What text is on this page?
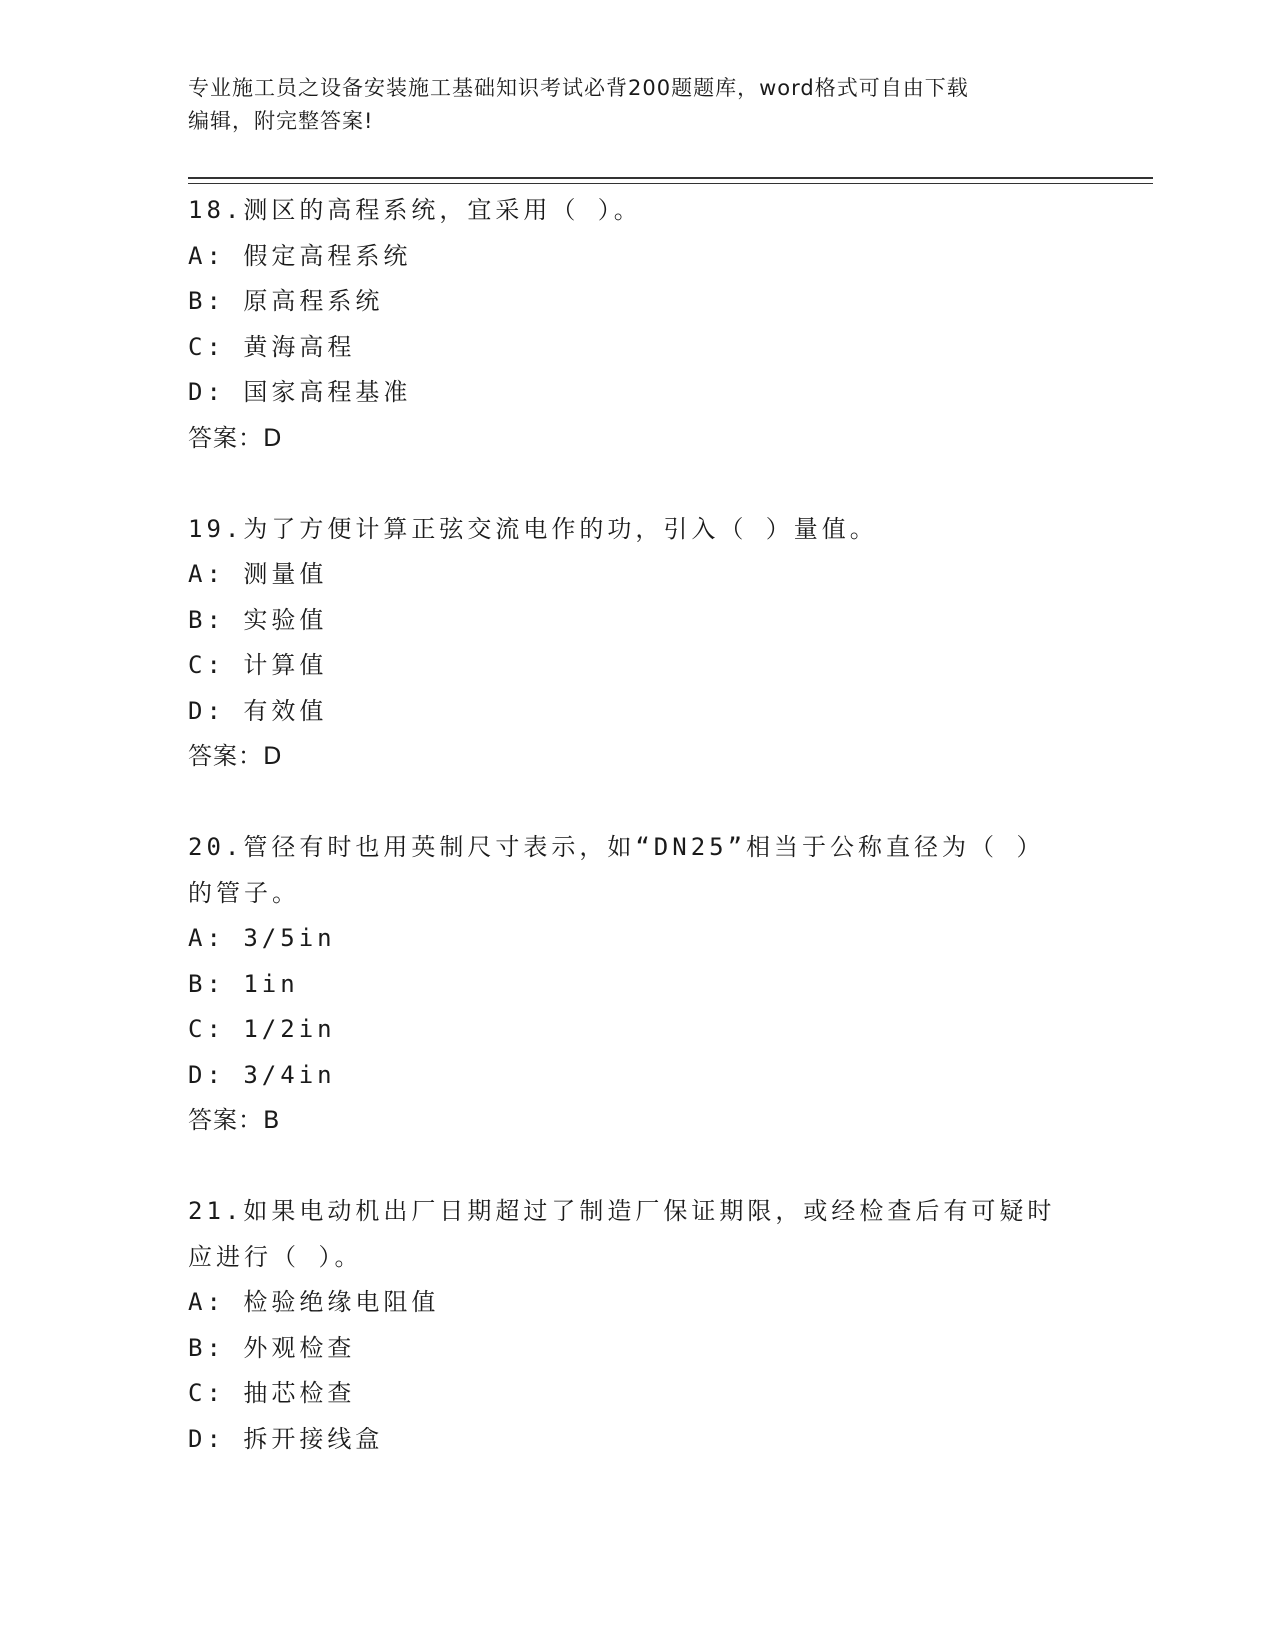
专业施工员之设备安装施工基础知识考试必背200题题库，word格式可自由下载
编辑，附完整答案!
18.测区的高程系统，宜采用（ ）。
A: 假定高程系统
B: 原高程系统
C: 黄海高程
D: 国家高程基准
答案：D
19.为了方便计算正弦交流电作的功，引入（ ）量值。
A: 测量值
B: 实验值
C: 计算值
D: 有效值
答案：D
20.管径有时也用英制尺寸表示，如“DN25”相当于公称直径为（ ）
的管子。
A: 3/5in
B: 1in
C: 1/2in
D: 3/4in
答案：B
21.如果电动机出厂日期超过了制造厂保证期限，或经检查后有可疑时
应进行（ ）。
A: 检验绝缘电阻值
B: 外观检查
C: 抽芯检查
D: 拆开接线盒
